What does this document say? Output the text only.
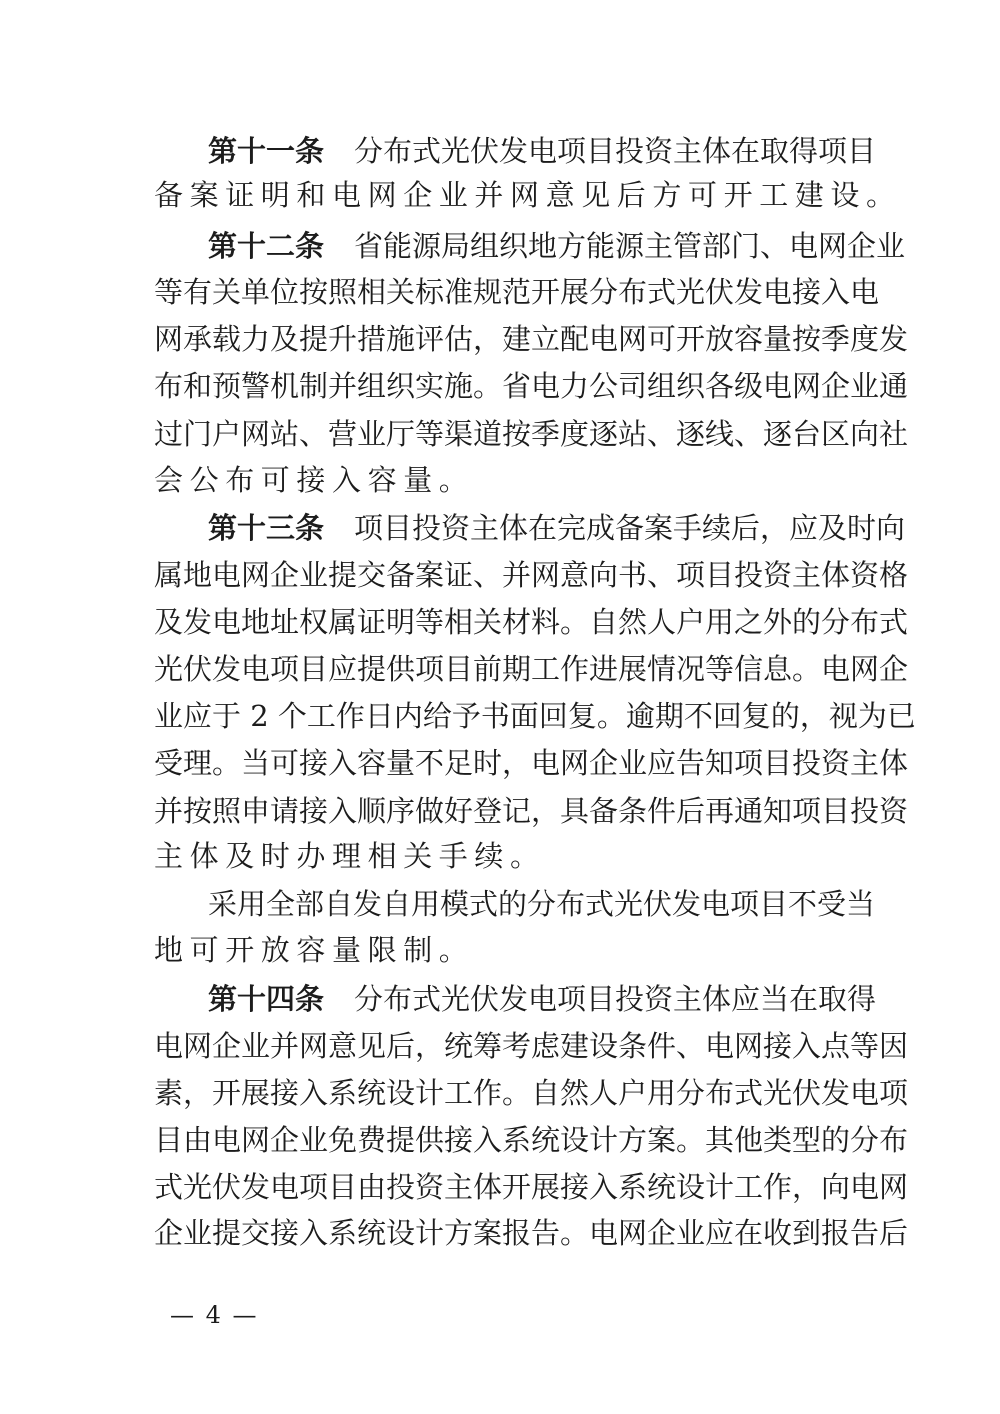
第十一条 分布式光伏发电项目投资主体在取得项目
备案证明和电网企业并网意见后方可开工建设。
第十二条 省能源局组织地方能源主管部门、电网企业
等有关单位按照相关标准规范开展分布式光伏发电接入电
网承载力及提升措施评估，建立配电网可开放容量按季度发
布和预警机制并组织实施。省电力公司组织各级电网企业通
过门户网站、营业厅等渠道按季度逐站、逐线、逐台区向社
会公布可接入容量。
第十三条 项目投资主体在完成备案手续后，应及时向
属地电网企业提交备案证、并网意向书、项目投资主体资格
及发电地址权属证明等相关材料。自然人户用之外的分布式
光伏发电项目应提供项目前期工作进展情况等信息。电网企
业应于 2 个工作日内给予书面回复。逾期不回复的，视为已
受理。当可接入容量不足时，电网企业应告知项目投资主体
并按照申请接入顺序做好登记，具备条件后再通知项目投资
主体及时办理相关手续。
采用全部自发自用模式的分布式光伏发电项目不受当
地可开放容量限制。
第十四条 分布式光伏发电项目投资主体应当在取得
电网企业并网意见后，统筹考虑建设条件、电网接入点等因
素，开展接入系统设计工作。自然人户用分布式光伏发电项
目由电网企业免费提供接入系统设计方案。其他类型的分布
式光伏发电项目由投资主体开展接入系统设计工作，向电网
企业提交接入系统设计方案报告。电网企业应在收到报告后
— 4 —
